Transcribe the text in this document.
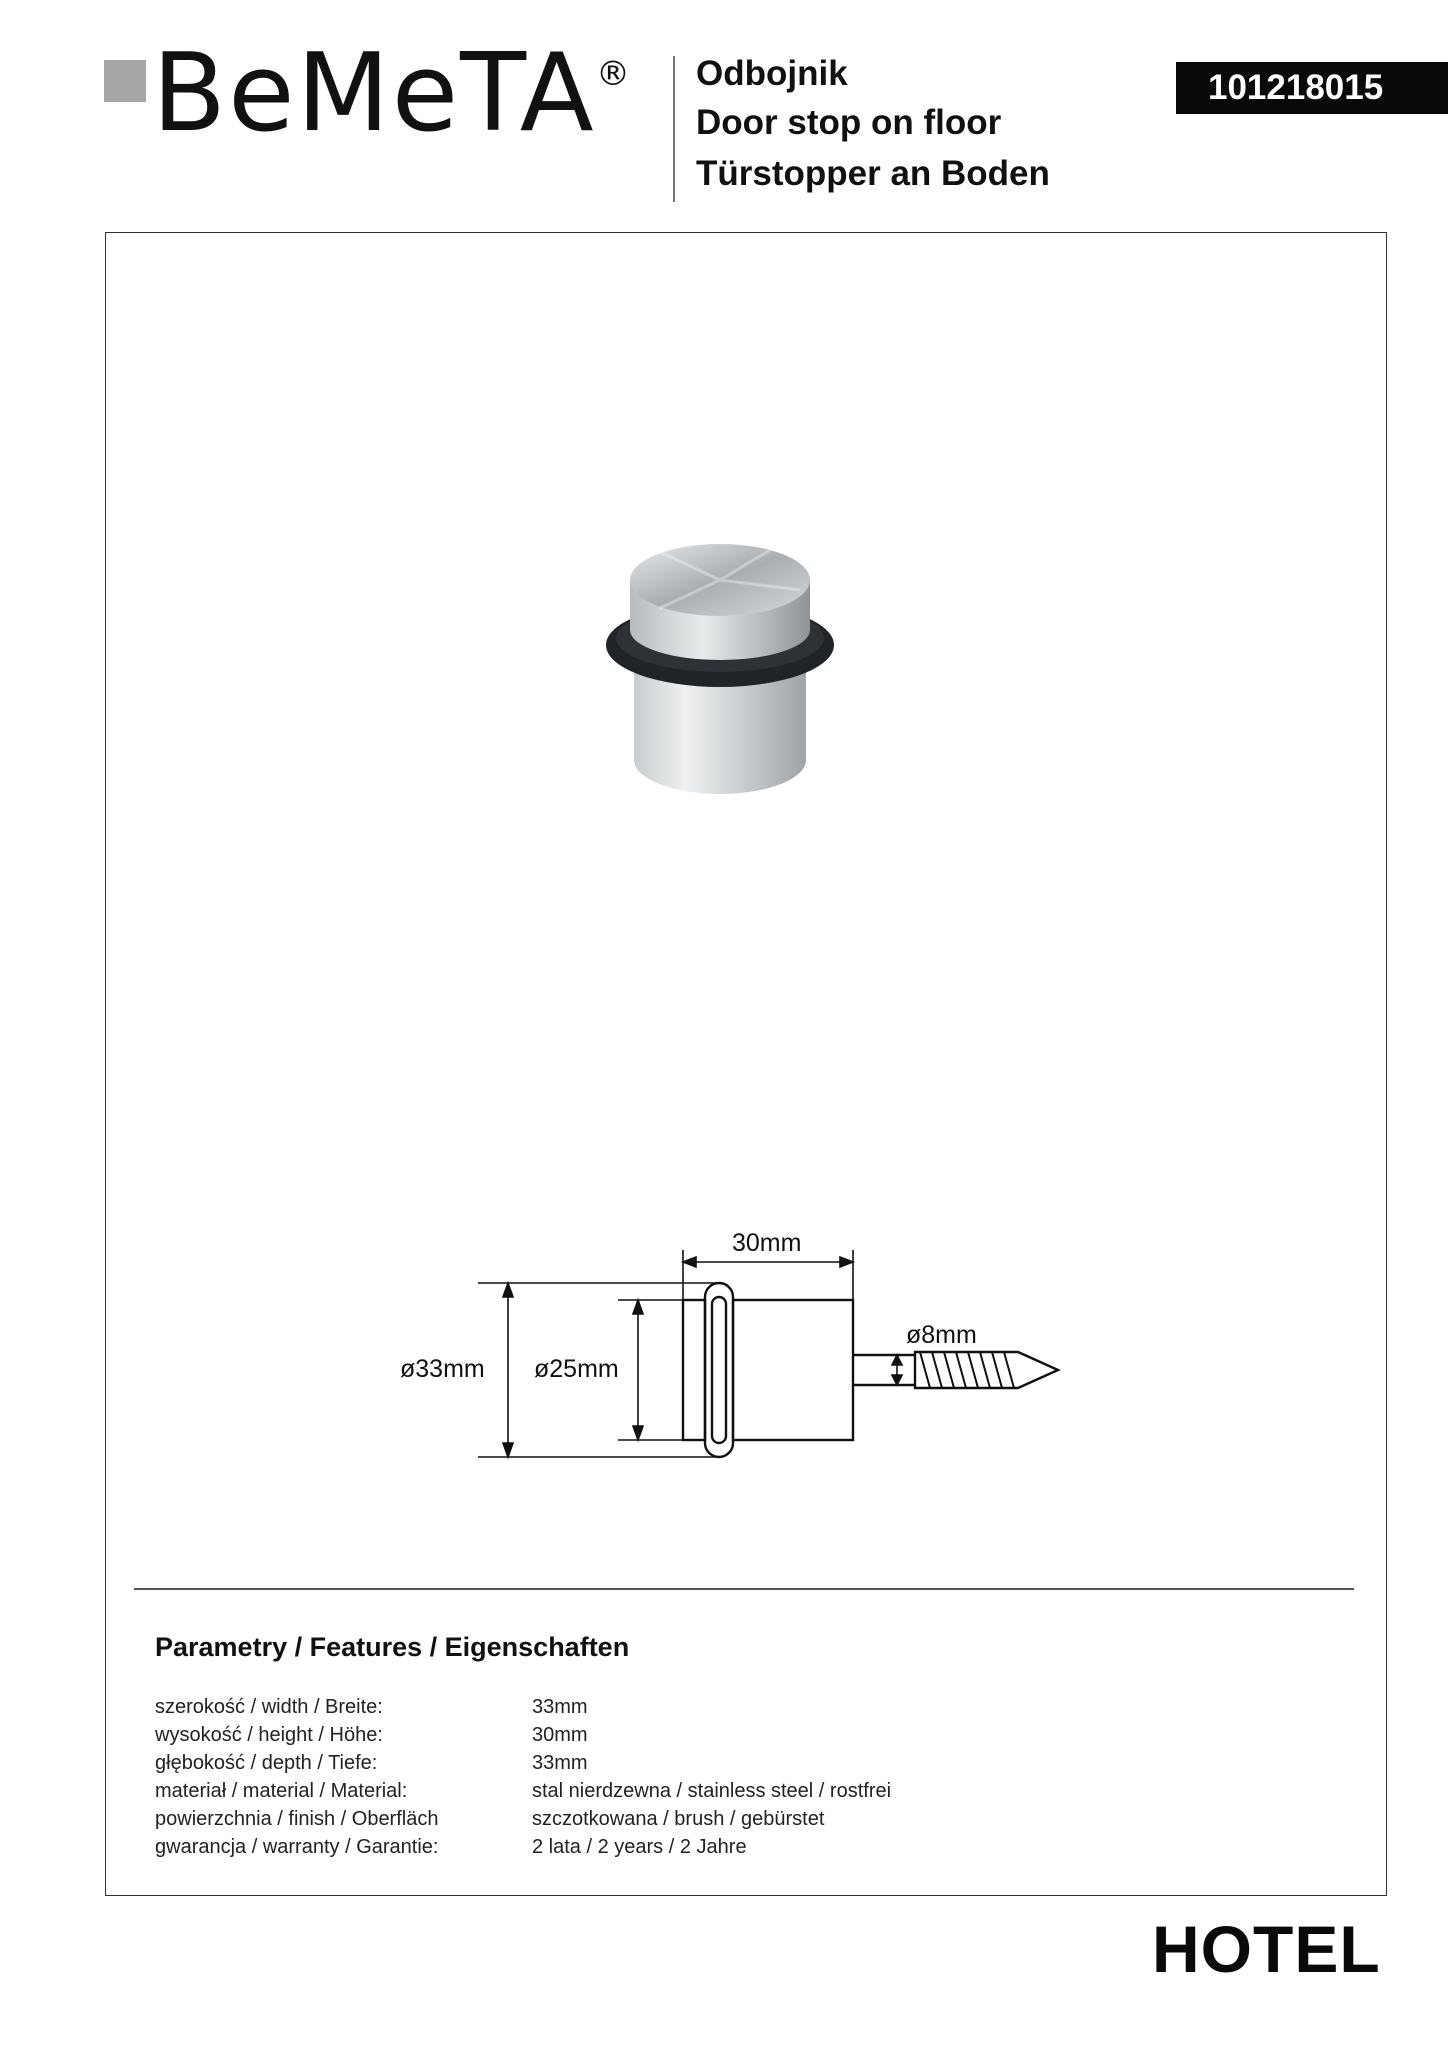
BeMeTA ® Odbojnik
Door stop on floor
Türstopper an Boden
101218015
30mm
ø33mm ø25mm
ø8mm
Parametry / Features / Eigenschaften
szerokość / width / Breite:	33mm
wysokość / height / Höhe:	30mm
głębokość / depth / Tiefe:	33mm
materiał / material / Material:	stal nierdzewna / stainless steel / rostfrei
powierzchnia / finish / Oberfläch	szczotkowana / brush / gebürstet
gwarancja / warranty / Garantie:	2 lata / 2 years / 2 Jahre
HOTEL
